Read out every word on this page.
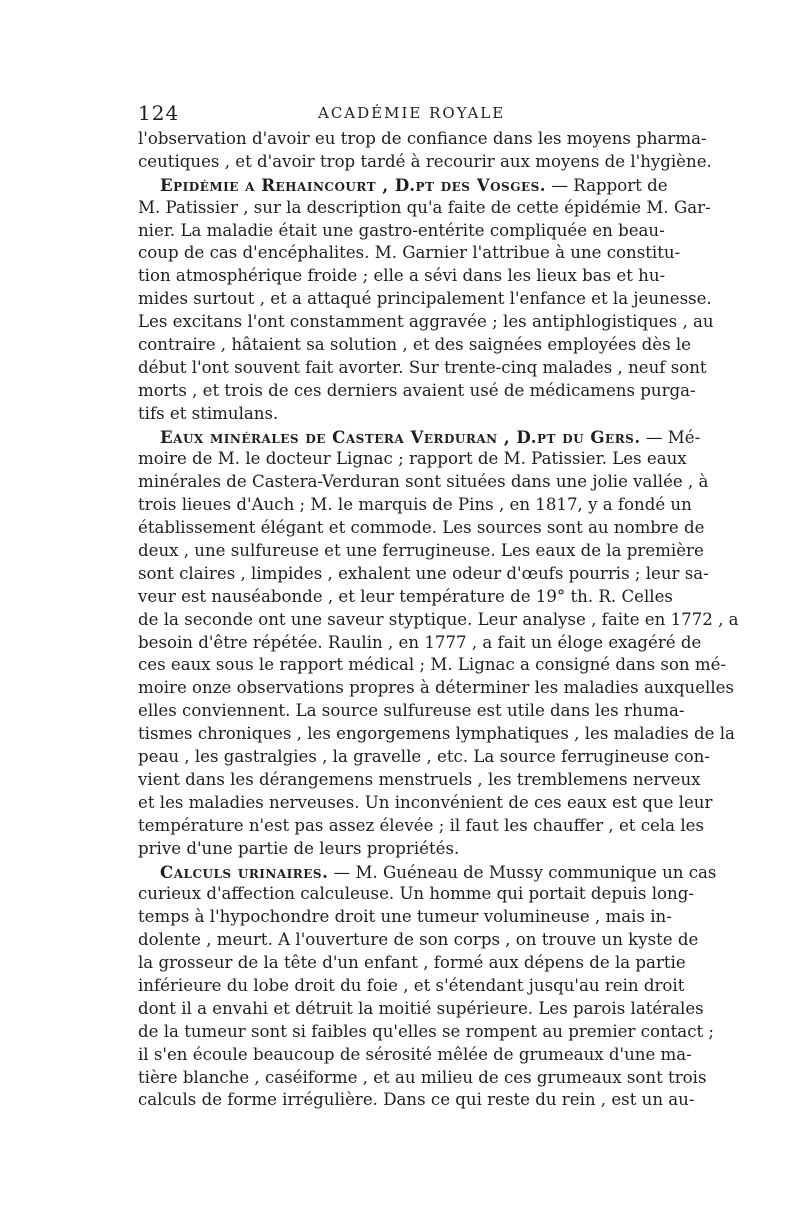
124	ACADÉMIE ROYALE
l'observation d'avoir eu trop de confiance dans les moyens pharma-
ceutiques , et d'avoir trop tardé à recourir aux moyens de l'hygiène.
Epidémie a Rehaincourt , D.pt des Vosges. — Rapport de
M. Patissier , sur la description qu'a faite de cette épidémie M. Gar-
nier. La maladie était une gastro-entérite compliquée en beau-
coup de cas d'encéphalites. M. Garnier l'attribue à une constitu-
tion atmosphérique froide ; elle a sévi dans les lieux bas et hu-
mides surtout , et a attaqué principalement l'enfance et la jeunesse.
Les excitans l'ont constamment aggravée ; les antiphlogistiques , au
contraire , hâtaient sa solution , et des saignées employées dès le
début l'ont souvent fait avorter. Sur trente-cinq malades , neuf sont
morts , et trois de ces derniers avaient usé de médicamens purga-
tifs et stimulans.
Eaux minérales de Castera Verduran , D.pt du Gers. — Mé-
moire de M. le docteur Lignac ; rapport de M. Patissier. Les eaux
minérales de Castera-Verduran sont situées dans une jolie vallée , à
trois lieues d'Auch ; M. le marquis de Pins , en 1817, y a fondé un
établissement élégant et commode. Les sources sont au nombre de
deux , une sulfureuse et une ferrugineuse. Les eaux de la première
sont claires , limpides , exhalent une odeur d'œufs pourris ; leur sa-
veur est nauséabonde , et leur température de 19° th. R. Celles
de la seconde ont une saveur styptique. Leur analyse , faite en 1772 , a
besoin d'être répétée. Raulin , en 1777 , a fait un éloge exagéré de
ces eaux sous le rapport médical ; M. Lignac a consigné dans son mé-
moire onze observations propres à déterminer les maladies auxquelles
elles conviennent. La source sulfureuse est utile dans les rhuma-
tismes chroniques , les engorgemens lymphatiques , les maladies de la
peau , les gastralgies , la gravelle , etc. La source ferrugineuse con-
vient dans les dérangemens menstruels , les tremblemens nerveux
et les maladies nerveuses. Un inconvénient de ces eaux est que leur
température n'est pas assez élevée ; il faut les chauffer , et cela les
prive d'une partie de leurs propriétés.
Calculs urinaires. — M. Guéneau de Mussy communique un cas
curieux d'affection calculeuse. Un homme qui portait depuis long-
temps à l'hypochondre droit une tumeur volumineuse , mais in-
dolente , meurt. A l'ouverture de son corps , on trouve un kyste de
la grosseur de la tête d'un enfant , formé aux dépens de la partie
inférieure du lobe droit du foie , et s'étendant jusqu'au rein droit
dont il a envahi et détruit la moitié supérieure. Les parois latérales
de la tumeur sont si faibles qu'elles se rompent au premier contact ;
il s'en écoule beaucoup de sérosité mêlée de grumeaux d'une ma-
tière blanche , caséiforme , et au milieu de ces grumeaux sont trois
calculs de forme irrégulière. Dans ce qui reste du rein , est un au-
